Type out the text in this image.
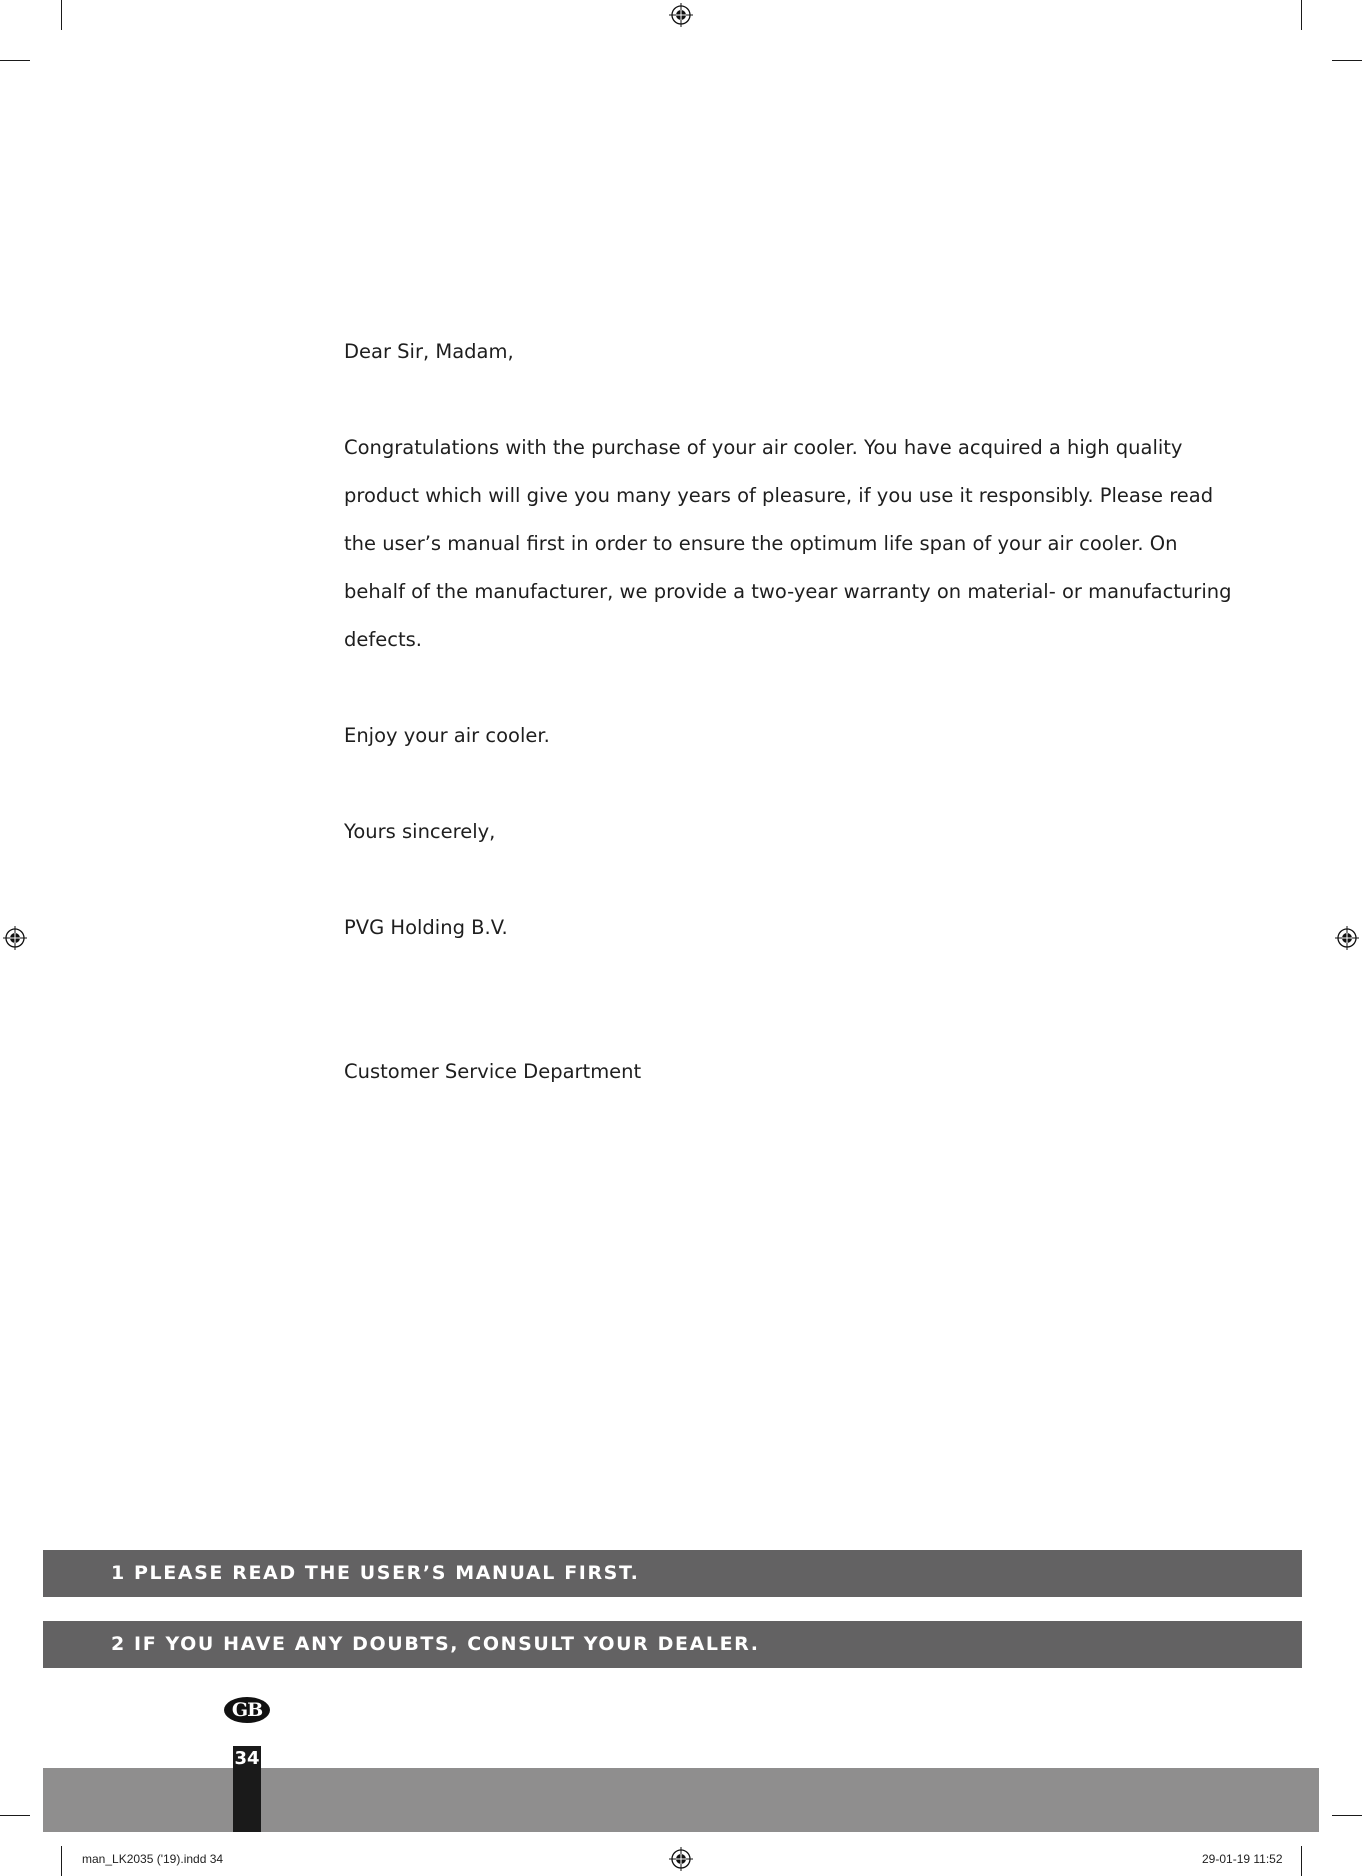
Dear Sir, Madam,

Congratulations with the purchase of your air cooler. You have acquired a high quality

product which will give you many years of pleasure, if you use it responsibly. Please read

the user’s manual first in order to ensure the optimum life span of your air cooler. On

behalf of the manufacturer, we provide a two-year warranty on material- or manufacturing

defects.

Enjoy your air cooler.

Yours sincerely,

PVG Holding B.V.

Customer Service Department

1 PLEASE READ THE USER’S MANUAL FIRST.
2 IF YOU HAVE ANY DOUBTS, CONSULT YOUR DEALER.
GB
34
man_LK2035 ('19).indd 34	29-01-19 11:52
